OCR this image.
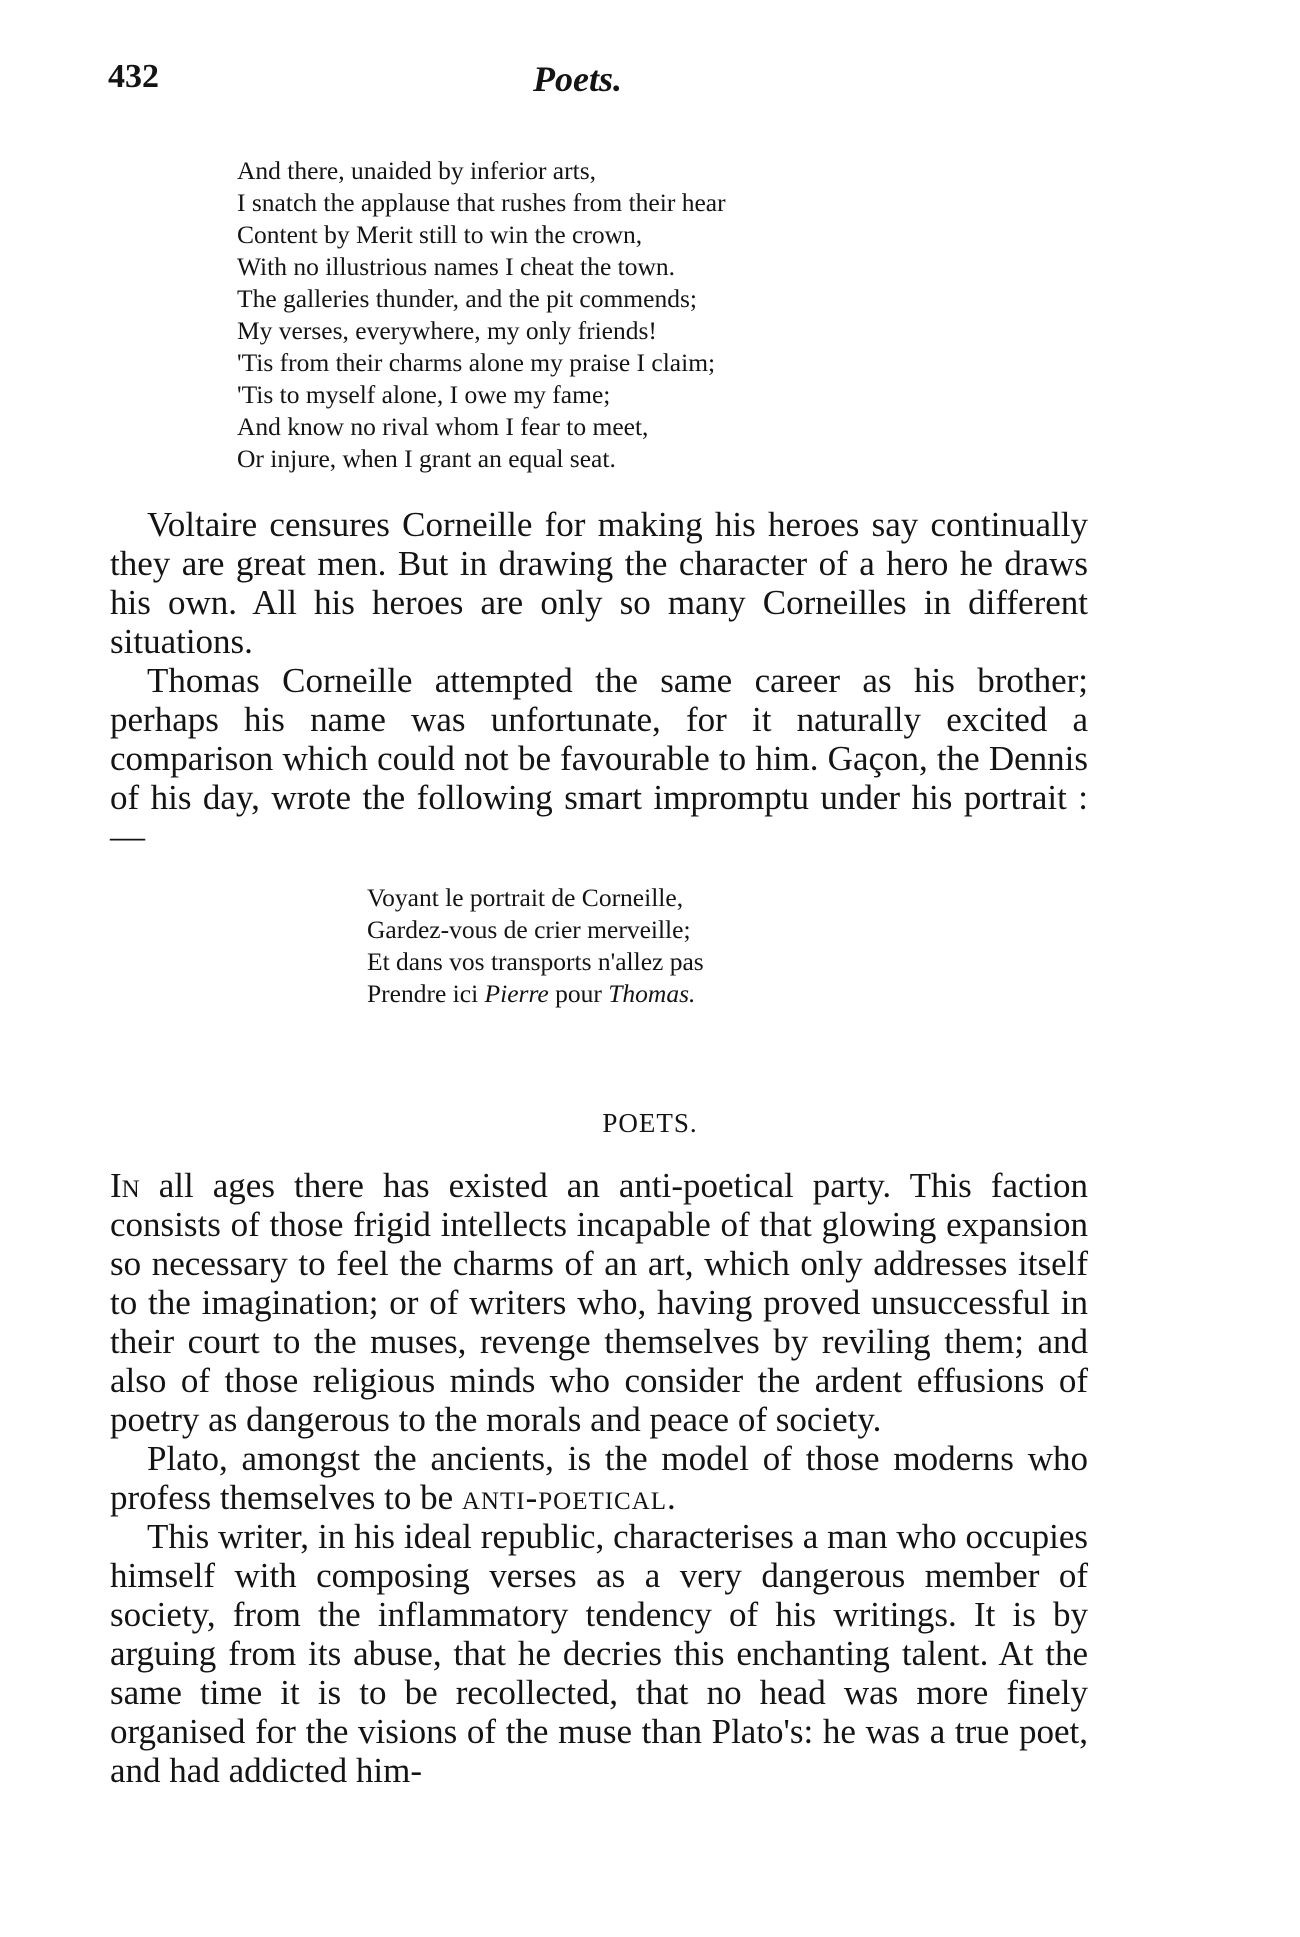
432	Poets.
And there, unaided by inferior arts,
I snatch the applause that rushes from their hear
Content by Merit still to win the crown,
With no illustrious names I cheat the town.
The galleries thunder, and the pit commends;
My verses, everywhere, my only friends!
'Tis from their charms alone my praise I claim;
'Tis to myself alone, I owe my fame;
And know no rival whom I fear to meet,
Or injure, when I grant an equal seat.

Voltaire censures Corneille for making his heroes say continually they are great men. But in drawing the character of a hero he draws his own. All his heroes are only so many Corneilles in different situations.

Thomas Corneille attempted the same career as his brother; perhaps his name was unfortunate, for it naturally excited a comparison which could not be favourable to him. Gaçon, the Dennis of his day, wrote the following smart impromptu under his portrait :—

Voyant le portrait de Corneille,
Gardez-vous de crier merveille;
Et dans vos transports n'allez pas
Prendre ici Pierre pour Thomas.
POETS.

In all ages there has existed an anti-poetical party. This faction consists of those frigid intellects incapable of that glowing expansion so necessary to feel the charms of an art, which only addresses itself to the imagination; or of writers who, having proved unsuccessful in their court to the muses, revenge themselves by reviling them; and also of those religious minds who consider the ardent effusions of poetry as dangerous to the morals and peace of society.

Plato, amongst the ancients, is the model of those moderns who profess themselves to be anti-poetical.

This writer, in his ideal republic, characterises a man who occupies himself with composing verses as a very dangerous member of society, from the inflammatory tendency of his writings. It is by arguing from its abuse, that he decries this enchanting talent. At the same time it is to be recollected, that no head was more finely organised for the visions of the muse than Plato's: he was a true poet, and had addicted him-
